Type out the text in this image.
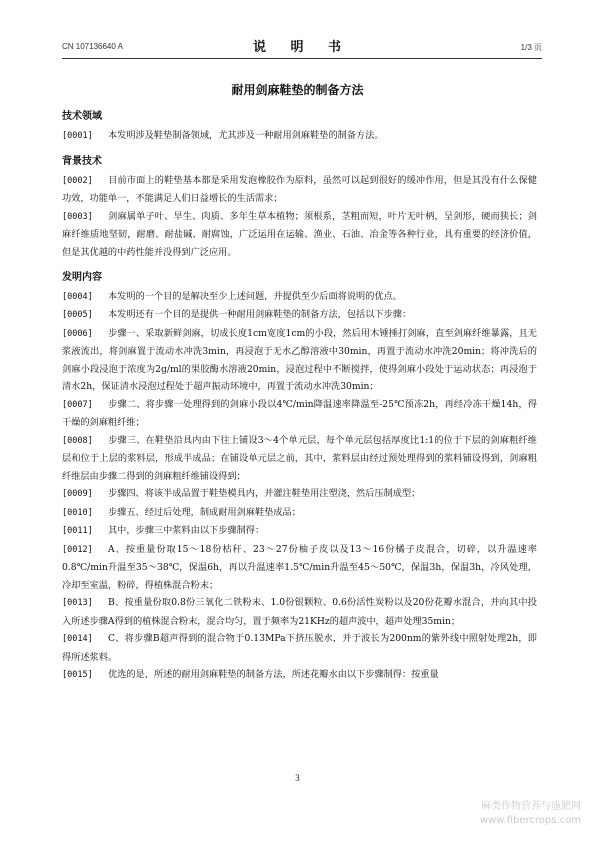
CN 107136640 A	说 明 书	1/3 页
耐用剑麻鞋垫的制备方法
技术领域
[0001] 本发明涉及鞋垫制备领域，尤其涉及一种耐用剑麻鞋垫的制备方法。
背景技术
[0002] 目前市面上的鞋垫基本都是采用发泡橡胶作为原料，虽然可以起到很好的缓冲作用，但是其没有什么保健功效，功能单一，不能满足人们日益增长的生活需求；
[0003] 剑麻属单子叶、旱生、肉质、多年生草本植物；须根系，茎粗而短，叶片无叶柄，呈剑形，硬而狭长；剑麻纤维质地坚韧，耐磨、耐盐碱、耐腐蚀，广泛运用在运输、渔业、石油、冶金等各种行业，具有重要的经济价值，但是其优越的中药性能并没得到广泛应用。
发明内容
[0004] 本发明的一个目的是解决至少上述问题，并提供至少后面将说明的优点。
[0005] 本发明还有一个目的是提供一种耐用剑麻鞋垫的制备方法，包括以下步骤：
[0006] 步骤一、采取新鲜剑麻，切成长度1cm宽度1cm的小段，然后用木锤捶打剑麻，直至剑麻纤维暴露，且无浆液流出，将剑麻置于流动水冲洗3min，再浸泡于无水乙醇溶液中30min，再置于流动水冲洗20min；将冲洗后的剑麻小段浸泡于浓度为2g/ml的果胶酶水溶液20min，浸泡过程中不断搅拌，使得剑麻小段处于运动状态；再浸泡于清水2h，保证清水浸泡过程处于超声振动环境中，再置于流动水冲洗30min；
[0007] 步骤二、将步骤一处理得到的剑麻小段以4℃/min降温速率降温至-25℃预冻2h，再经冷冻干燥14h，得干燥的剑麻粗纤维；
[0008] 步骤三、在鞋垫沿具内由下往上铺设3～4个单元层，每个单元层包括厚度比1:1的位于下层的剑麻粗纤维层和位于上层的浆料层，形成半成品；在铺设单元层之前，其中，浆料层由经过预处理得到的浆料铺设得到，剑麻粗纤维层由步骤二得到的剑麻粗纤维铺设得到；
[0009] 步骤四、将该半成品置于鞋垫模具内，并灌注鞋垫用注塑浇，然后压制成型；
[0010] 步骤五、经过后处理，制成耐用剑麻鞋垫成品；
[0011] 其中，步骤三中浆料由以下步骤制得：
[0012] A、按重量份取15～18份枯秆、23～27份柚子皮以及13～16份橘子皮混合，切碎，以升温速率0.8℃/min升温至35～38℃，保温6h，再以升温速率1.5℃/min升温至45～50℃，保温3h，保温3h，冷风处理，冷却至室温，粉碎，得植株混合粉末；
[0013] B、按重量份取0.8份三氧化二铁粉末、1.0份银颗粒、0.6份活性炭粉以及20份花瓣水混合，并向其中投入所述步骤A得到的植株混合粉末，混合均匀，置于频率为21KHz的超声波中，超声处理35min；
[0014] C、将步骤B超声得到的混合物于0.13MPa下挤压脱水，并于波长为200nm的紫外线中照射处理2h，即得所述浆料。
[0015] 优选的是，所述的耐用剑麻鞋垫的制备方法，所述花瓣水由以下步骤制得：按重量
3
麻类作物营养与施肥网
www.fibercrops.com
